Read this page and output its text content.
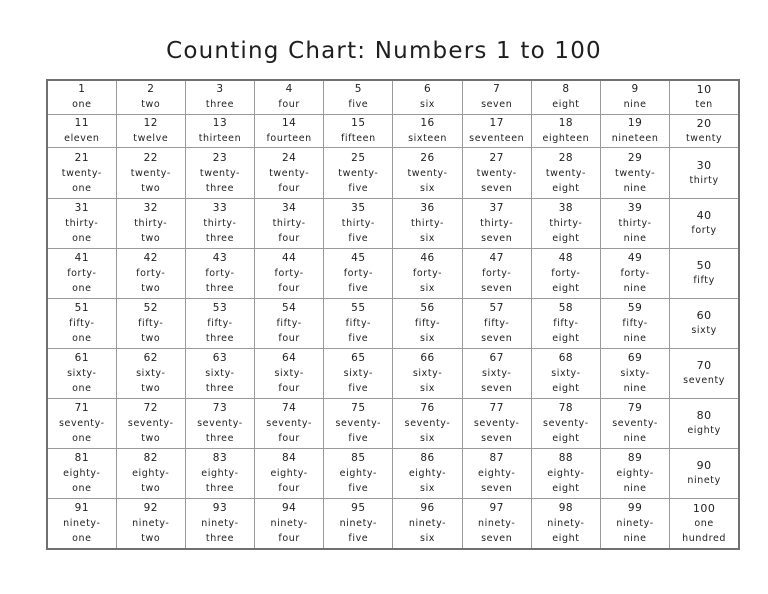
Counting Chart: Numbers 1 to 100
1
one	2
two	3
three	4
four	5
five	6
six	7
seven	8
eight	9
nine	10
ten

11
eleven	12
twelve	13
thirteen	14
fourteen	15
fifteen	16
sixteen	17
seventeen	18
eighteen	19
nineteen	20
twenty

21
twenty-
one	22
twenty-
two	23
twenty-
three	24
twenty-
four	25
twenty-
five	26
twenty-
six	27
twenty-
seven	28
twenty-
eight	29
twenty-
nine	30
thirty

31
thirty-
one	32
thirty-
two	33
thirty-
three	34
thirty-
four	35
thirty-
five	36
thirty-
six	37
thirty-
seven	38
thirty-
eight	39
thirty-
nine	40
forty

41
forty-
one	42
forty-
two	43
forty-
three	44
forty-
four	45
forty-
five	46
forty-
six	47
forty-
seven	48
forty-
eight	49
forty-
nine	50
fifty

51
fifty-
one	52
fifty-
two	53
fifty-
three	54
fifty-
four	55
fifty-
five	56
fifty-
six	57
fifty-
seven	58
fifty-
eight	59
fifty-
nine	60
sixty

61
sixty-
one	62
sixty-
two	63
sixty-
three	64
sixty-
four	65
sixty-
five	66
sixty-
six	67
sixty-
seven	68
sixty-
eight	69
sixty-
nine	70
seventy

71
seventy-
one	72
seventy-
two	73
seventy-
three	74
seventy-
four	75
seventy-
five	76
seventy-
six	77
seventy-
seven	78
seventy-
eight	79
seventy-
nine	80
eighty

81
eighty-
one	82
eighty-
two	83
eighty-
three	84
eighty-
four	85
eighty-
five	86
eighty-
six	87
eighty-
seven	88
eighty-
eight	89
eighty-
nine	90
ninety

91
ninety-
one	92
ninety-
two	93
ninety-
three	94
ninety-
four	95
ninety-
five	96
ninety-
six	97
ninety-
seven	98
ninety-
eight	99
ninety-
nine	100
one
hundred
